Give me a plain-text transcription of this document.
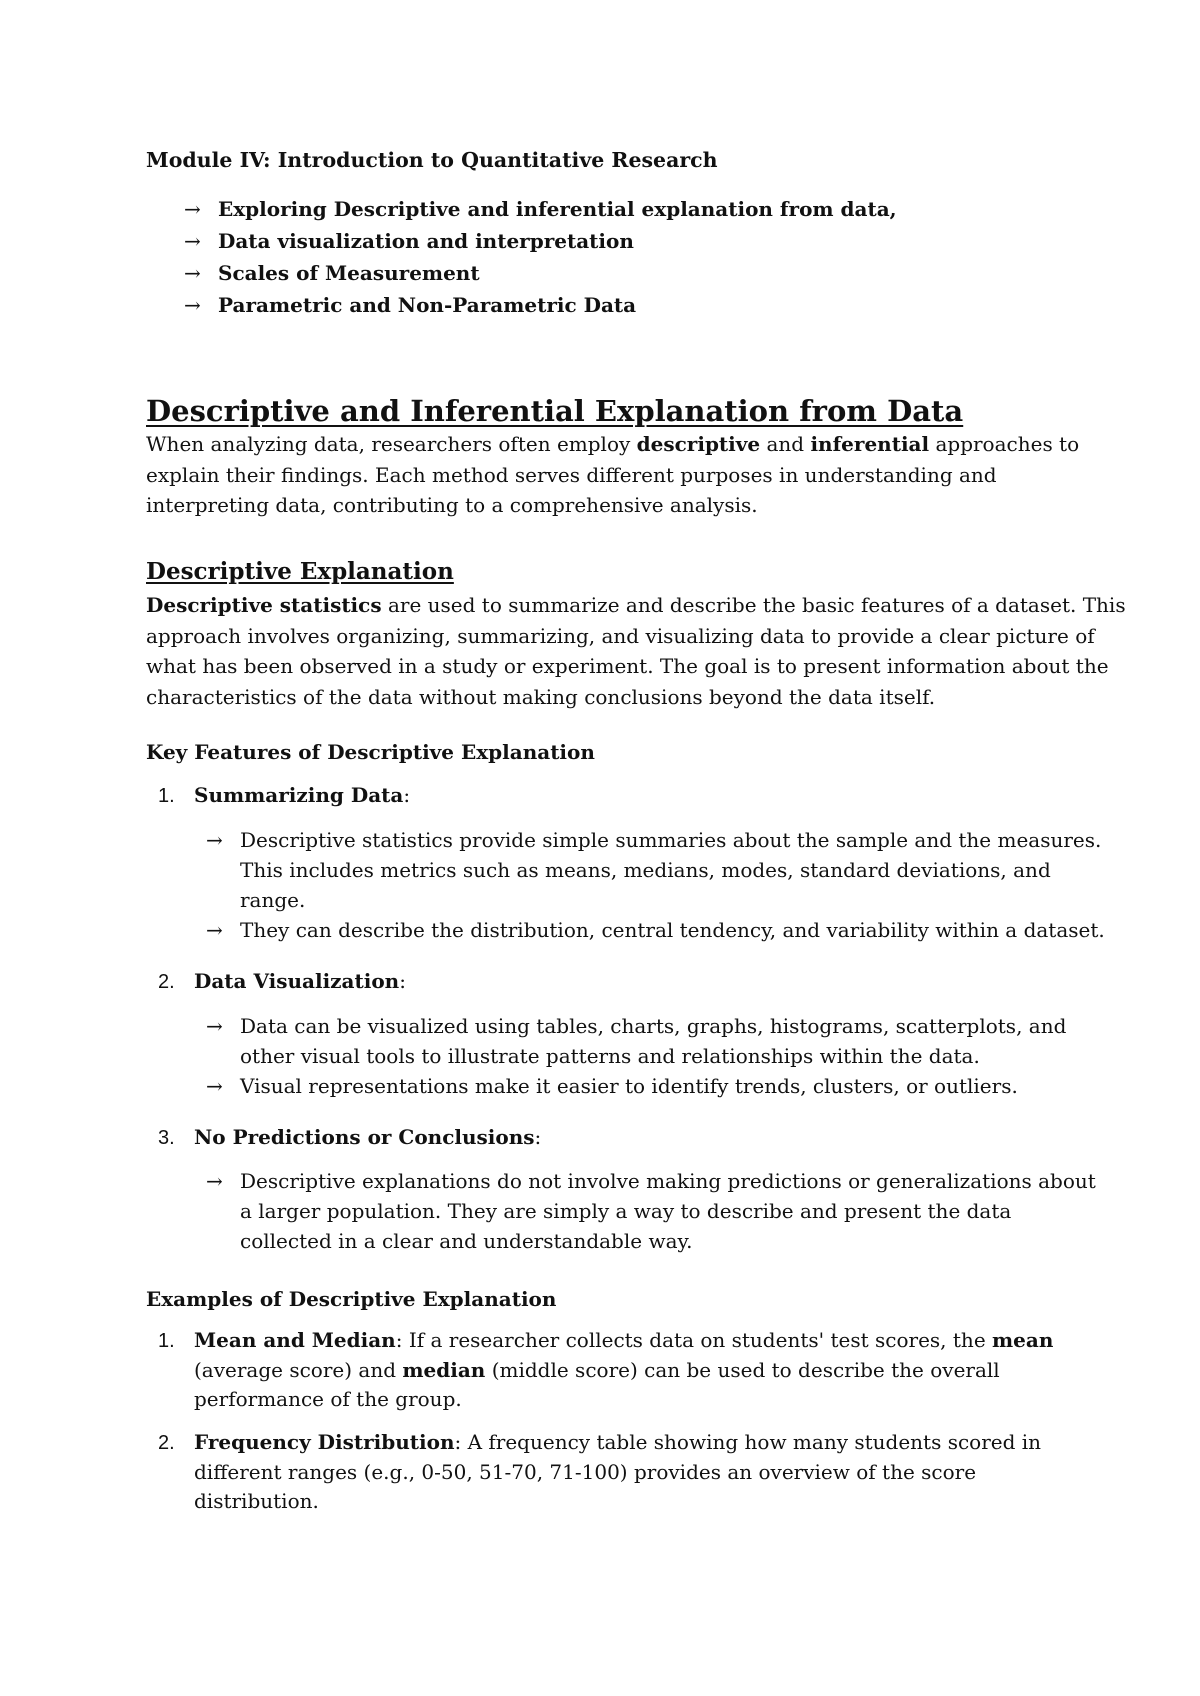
Module IV: Introduction to Quantitative Research
→ Exploring Descriptive and inferential explanation from data,
→ Data visualization and interpretation
→ Scales of Measurement
→ Parametric and Non-Parametric Data
Descriptive and Inferential Explanation from Data

When analyzing data, researchers often employ descriptive and inferential approaches to

explain their findings. Each method serves different purposes in understanding and

interpreting data, contributing to a comprehensive analysis.

Descriptive Explanation

Descriptive statistics are used to summarize and describe the basic features of a dataset. This

approach involves organizing, summarizing, and visualizing data to provide a clear picture of

what has been observed in a study or experiment. The goal is to present information about the

characteristics of the data without making conclusions beyond the data itself.

Key Features of Descriptive Explanation
1. Summarizing Data:
→ Descriptive statistics provide simple summaries about the sample and the measures.
This includes metrics such as means, medians, modes, standard deviations, and
range.
→ They can describe the distribution, central tendency, and variability within a dataset.
2. Data Visualization:
→ Data can be visualized using tables, charts, graphs, histograms, scatterplots, and
other visual tools to illustrate patterns and relationships within the data.
→ Visual representations make it easier to identify trends, clusters, or outliers.
3. No Predictions or Conclusions:
→ Descriptive explanations do not involve making predictions or generalizations about
a larger population. They are simply a way to describe and present the data
collected in a clear and understandable way.
Examples of Descriptive Explanation
1. Mean and Median: If a researcher collects data on students' test scores, the mean
(average score) and median (middle score) can be used to describe the overall
performance of the group.
2. Frequency Distribution: A frequency table showing how many students scored in
different ranges (e.g., 0-50, 51-70, 71-100) provides an overview of the score
distribution.
